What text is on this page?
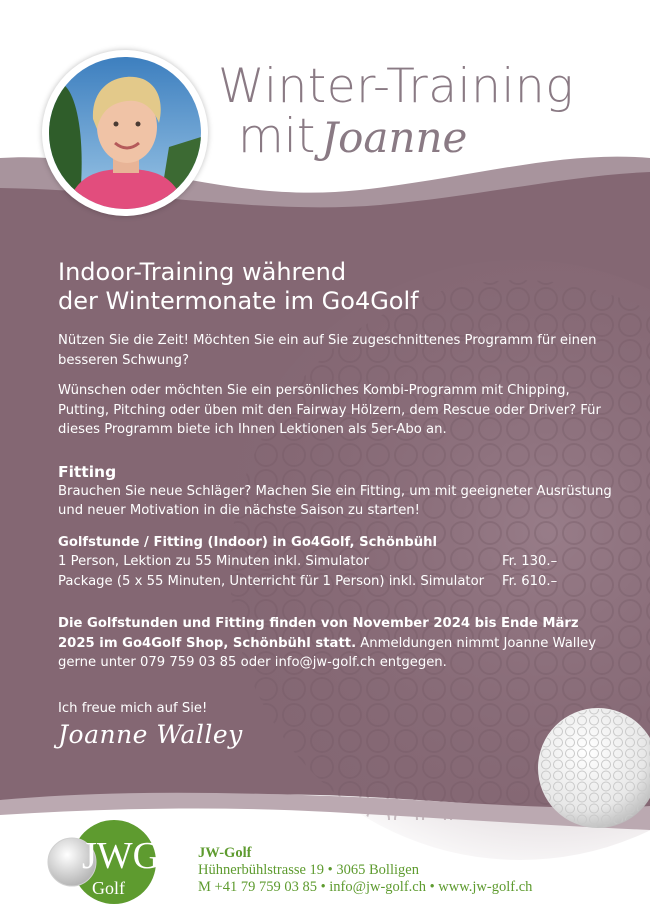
Winter-Training
mit Joanne
Indoor-Training während
der Wintermonate im Go4Golf

Nützen Sie die Zeit! Möchten Sie ein auf Sie zugeschnittenes Programm für einen besseren Schwung?

Wünschen oder möchten Sie ein persönliches Kombi-Programm mit Chipping, Putting, Pitching oder üben mit den Fairway Hölzern, dem Rescue oder Driver? Für dieses Programm biete ich Ihnen Lektionen als 5er-Abo an.

Fitting

Brauchen Sie neue Schläger? Machen Sie ein Fitting, um mit geeigneter Ausrüstung und neuer Motivation in die nächste Saison zu starten!

Golfstunde / Fitting (Indoor) in Go4Golf, Schönbühl

1 Person, Lektion zu 55 Minuten inkl. Simulator	Fr. 130.–
Package (5 x 55 Minuten, Unterricht für 1 Person) inkl. Simulator Fr. 610.–

Die Golfstunden und Fitting finden von November 2024 bis Ende März 2025 im Go4Golf Shop, Schönbühl statt. Anmeldungen nimmt Joanne Walley gerne unter 079 759 03 85 oder info@jw-golf.ch entgegen.

Ich freue mich auf Sie!

Joanne Walley
JWG
Golf
JW-Golf
Hühnerbühlstrasse 19 • 3065 Bolligen
M +41 79 759 03 85 • info@jw-golf.ch • www.jw-golf.ch
